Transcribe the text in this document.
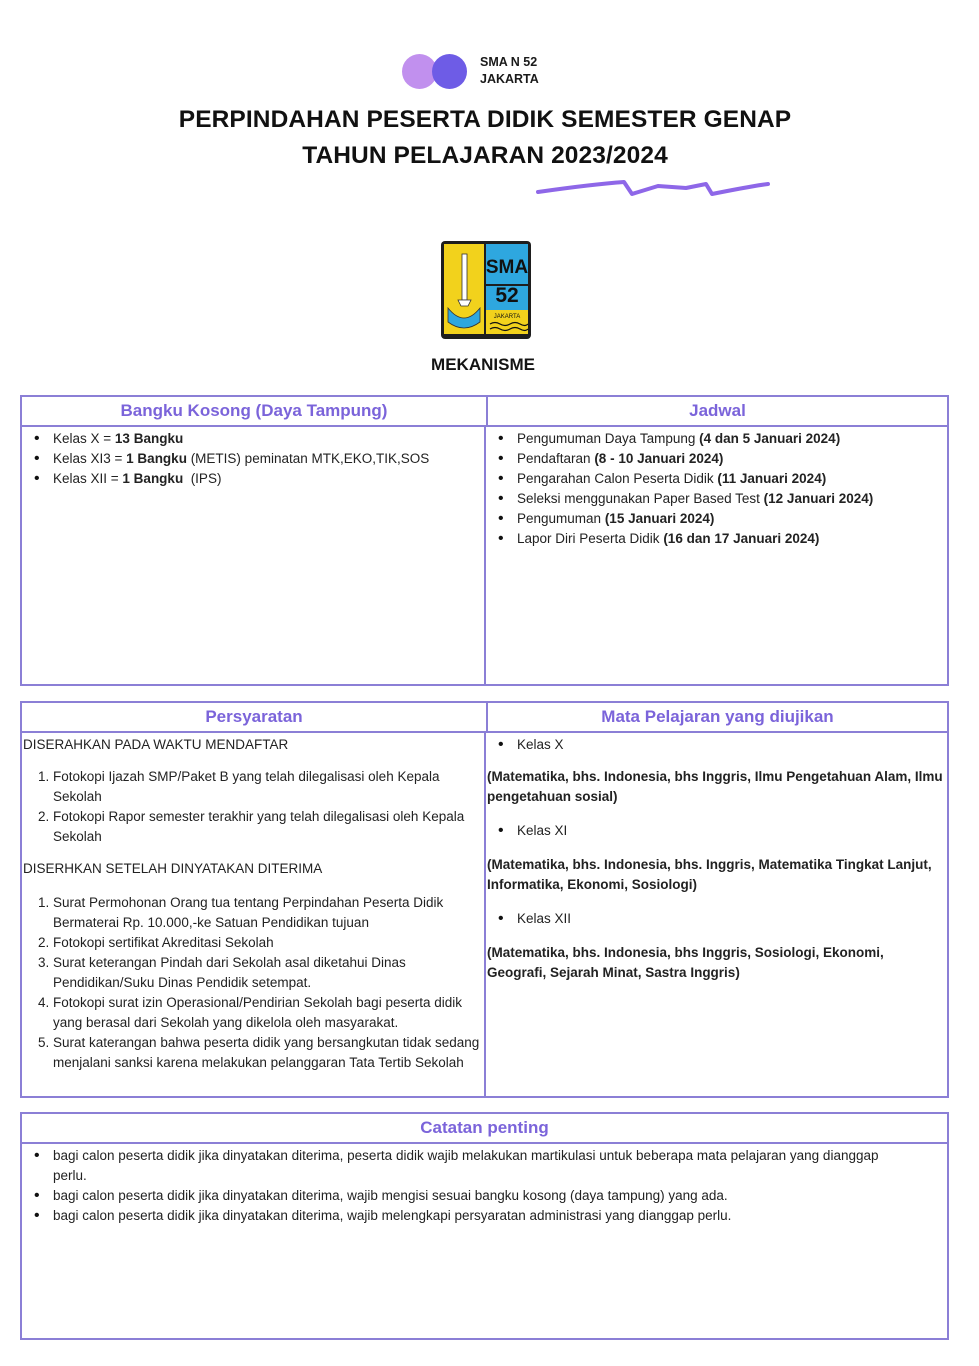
SMA N 52
JAKARTA
PERPINDAHAN PESERTA DIDIK SEMESTER GENAP
TAHUN PELAJARAN 2023/2024
SMA
52
JAKARTA
MEKANISME
Bangku Kosong (Daya Tampung)	Jadwal
• Kelas X = 13 Bangku
• Kelas XI3 = 1 Bangku (METIS) peminatan MTK,EKO,TIK,SOS
• Kelas XII = 1 Bangku  (IPS)
• Pengumuman Daya Tampung (4 dan 5 Januari 2024)
• Pendaftaran (8 - 10 Januari 2024)
• Pengarahan Calon Peserta Didik (11 Januari 2024)
• Seleksi menggunakan Paper Based Test (12 Januari 2024)
• Pengumuman (15 Januari 2024)
• Lapor Diri Peserta Didik (16 dan 17 Januari 2024)
Persyaratan	Mata Pelajaran yang diujikan
DISERAHKAN PADA WAKTU MENDAFTAR
1. Fotokopi Ijazah SMP/Paket B yang telah dilegalisasi oleh Kepala Sekolah
2. Fotokopi Rapor semester terakhir yang telah dilegalisasi oleh Kepala Sekolah
DISERHKAN SETELAH DINYATAKAN DITERIMA
1. Surat Permohonan Orang tua tentang Perpindahan Peserta Didik Bermaterai Rp. 10.000,-ke Satuan Pendidikan tujuan
2. Fotokopi sertifikat Akreditasi Sekolah
3. Surat keterangan Pindah dari Sekolah asal diketahui Dinas Pendidikan/Suku Dinas Pendidik setempat.
4. Fotokopi surat izin Operasional/Pendirian Sekolah bagi peserta didik yang berasal dari Sekolah yang dikelola oleh masyarakat.
5. Surat katerangan bahwa peserta didik yang bersangkutan tidak sedang menjalani sanksi karena melakukan pelanggaran Tata Tertib Sekolah
• Kelas X

(Matematika, bhs. Indonesia, bhs Inggris, Ilmu Pengetahuan Alam, Ilmu pengetahuan sosial)

• Kelas XI

(Matematika, bhs. Indonesia, bhs. Inggris, Matematika Tingkat Lanjut, Informatika, Ekonomi, Sosiologi)

• Kelas XII

(Matematika, bhs. Indonesia, bhs Inggris, Sosiologi, Ekonomi, Geografi, Sejarah Minat, Sastra Inggris)

Catatan penting
• bagi calon peserta didik jika dinyatakan diterima, peserta didik wajib melakukan martikulasi untuk beberapa mata pelajaran yang dianggap perlu.
• bagi calon peserta didik jika dinyatakan diterima, wajib mengisi sesuai bangku kosong (daya tampung) yang ada.
• bagi calon peserta didik jika dinyatakan diterima, wajib melengkapi persyaratan administrasi yang dianggap perlu.
